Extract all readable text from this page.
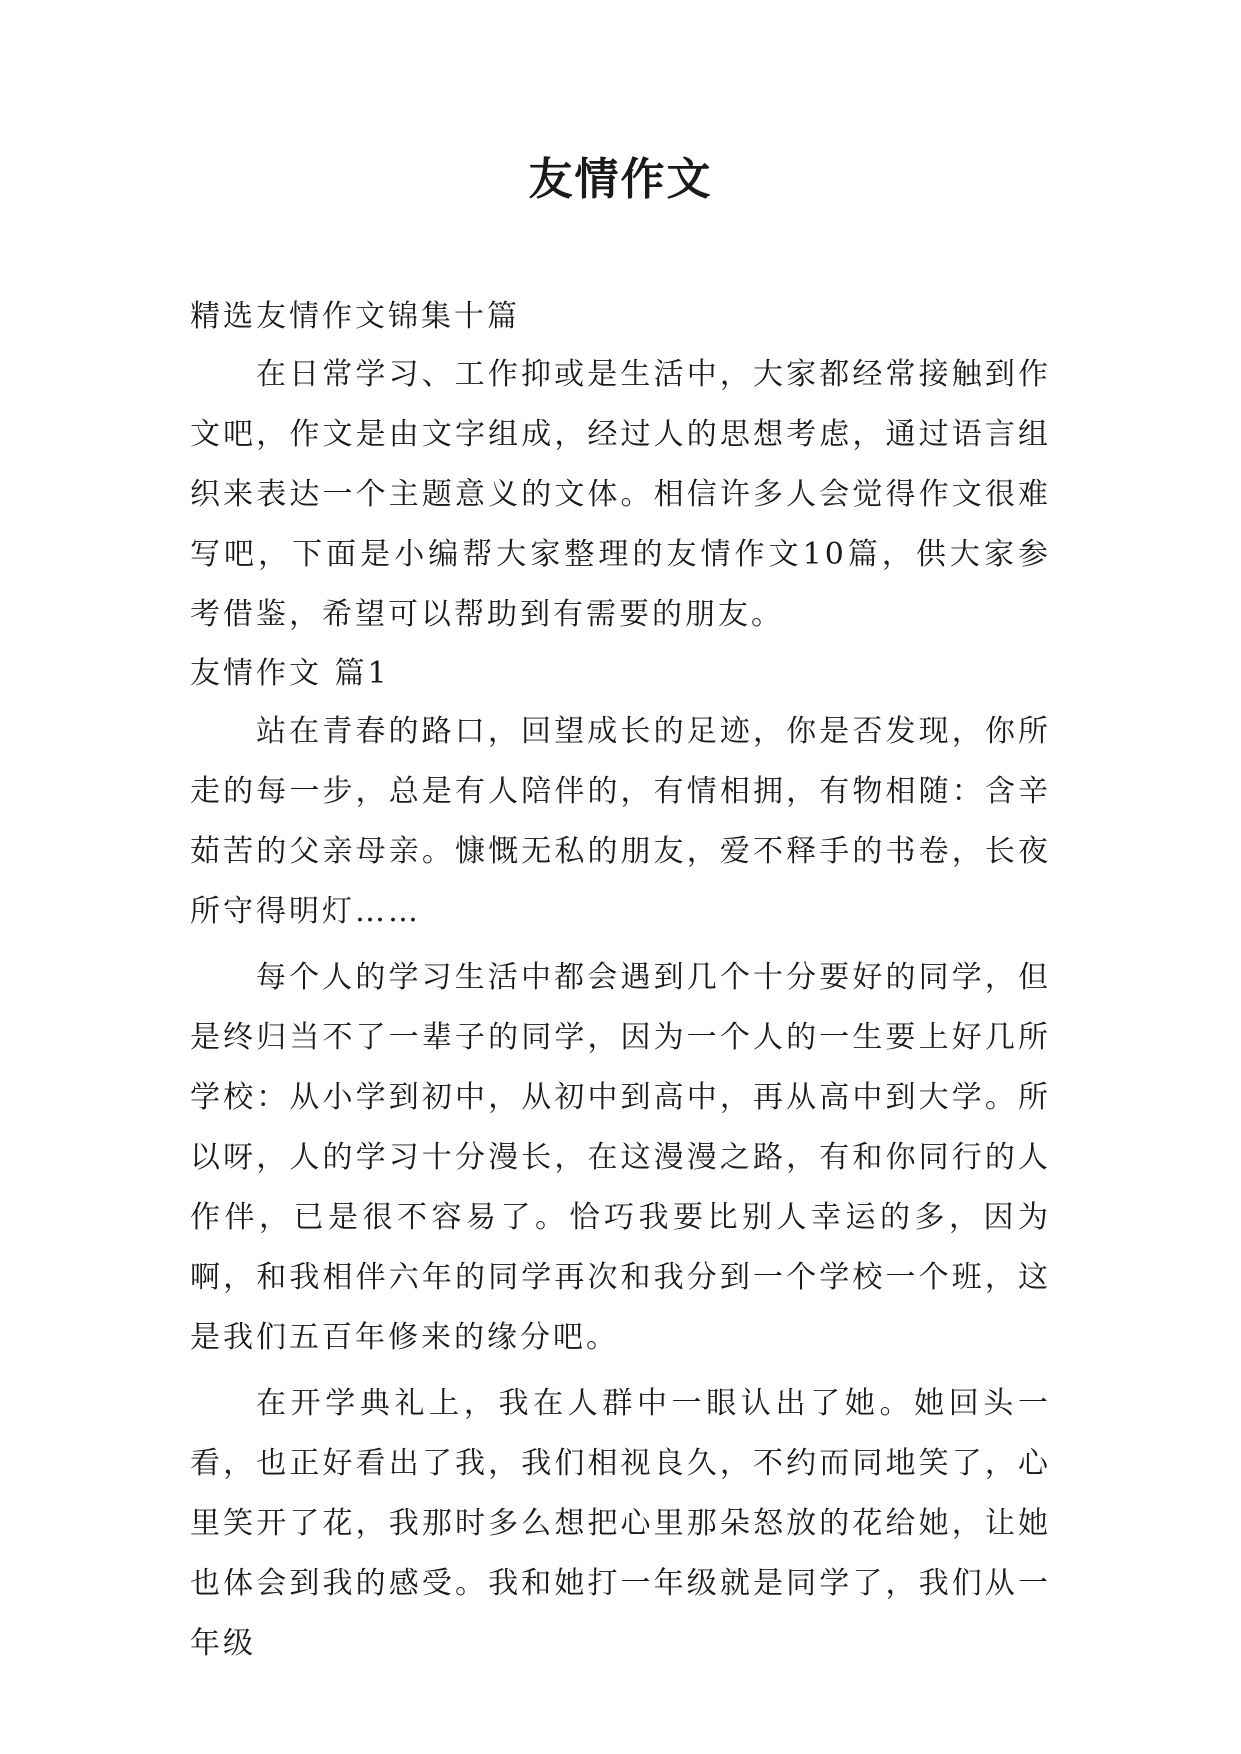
友情作文

精选友情作文锦集十篇

在日常学习、工作抑或是生活中，大家都经常接触到作文吧，作文是由文字组成，经过人的思想考虑，通过语言组织来表达一个主题意义的文体。相信许多人会觉得作文很难写吧，下面是小编帮大家整理的友情作文10篇，供大家参考借鉴，希望可以帮助到有需要的朋友。

友情作文 篇1

站在青春的路口，回望成长的足迹，你是否发现，你所走的每一步，总是有人陪伴的，有情相拥，有物相随：含辛茹苦的父亲母亲。慷慨无私的朋友，爱不释手的书卷，长夜所守得明灯……

每个人的学习生活中都会遇到几个十分要好的同学，但是终归当不了一辈子的同学，因为一个人的一生要上好几所学校：从小学到初中，从初中到高中，再从高中到大学。所以呀，人的学习十分漫长，在这漫漫之路，有和你同行的人作伴，已是很不容易了。恰巧我要比别人幸运的多，因为啊，和我相伴六年的同学再次和我分到一个学校一个班，这是我们五百年修来的缘分吧。

在开学典礼上，我在人群中一眼认出了她。她回头一看，也正好看出了我，我们相视良久，不约而同地笑了，心里笑开了花，我那时多么想把心里那朵怒放的花给她，让她也体会到我的感受。我和她打一年级就是同学了，我们从一年级
